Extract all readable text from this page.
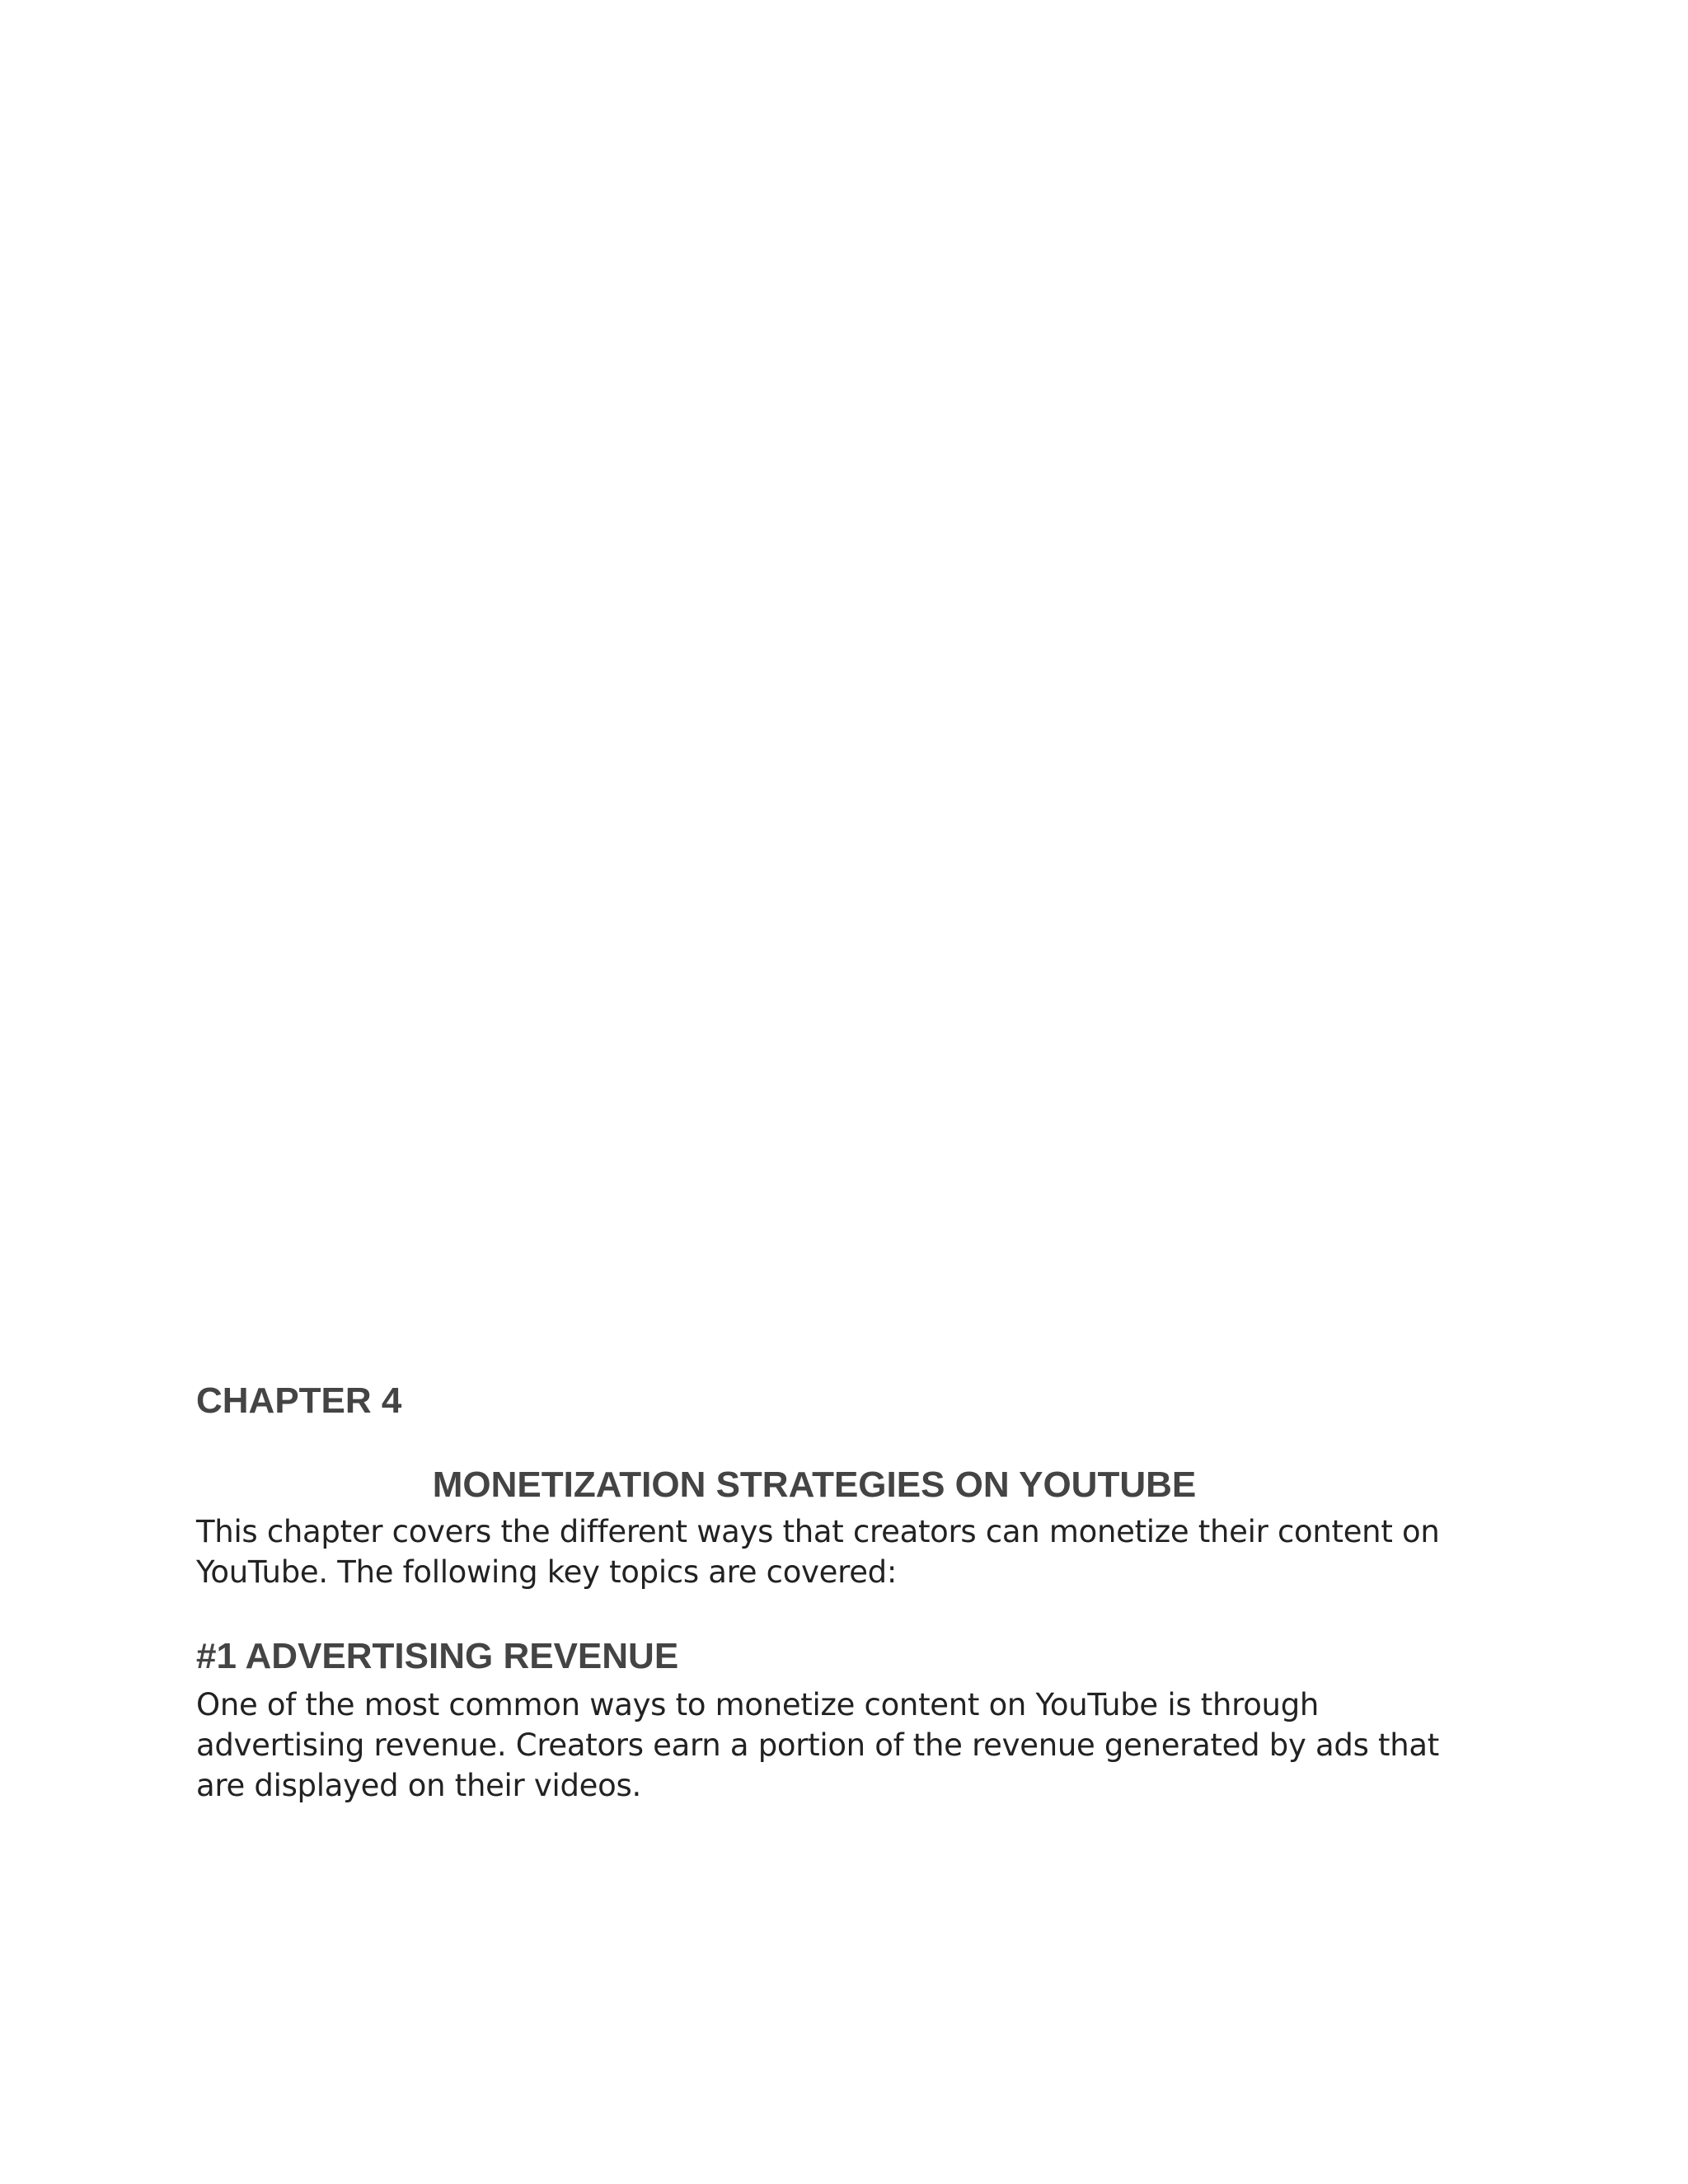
CHAPTER 4
MONETIZATION STRATEGIES ON YOUTUBE

This chapter covers the different ways that creators can monetize their content on YouTube. The following key topics are covered:

#1 ADVERTISING REVENUE

One of the most common ways to monetize content on YouTube is through advertising revenue. Creators earn a portion of the revenue generated by ads that are displayed on their videos.
